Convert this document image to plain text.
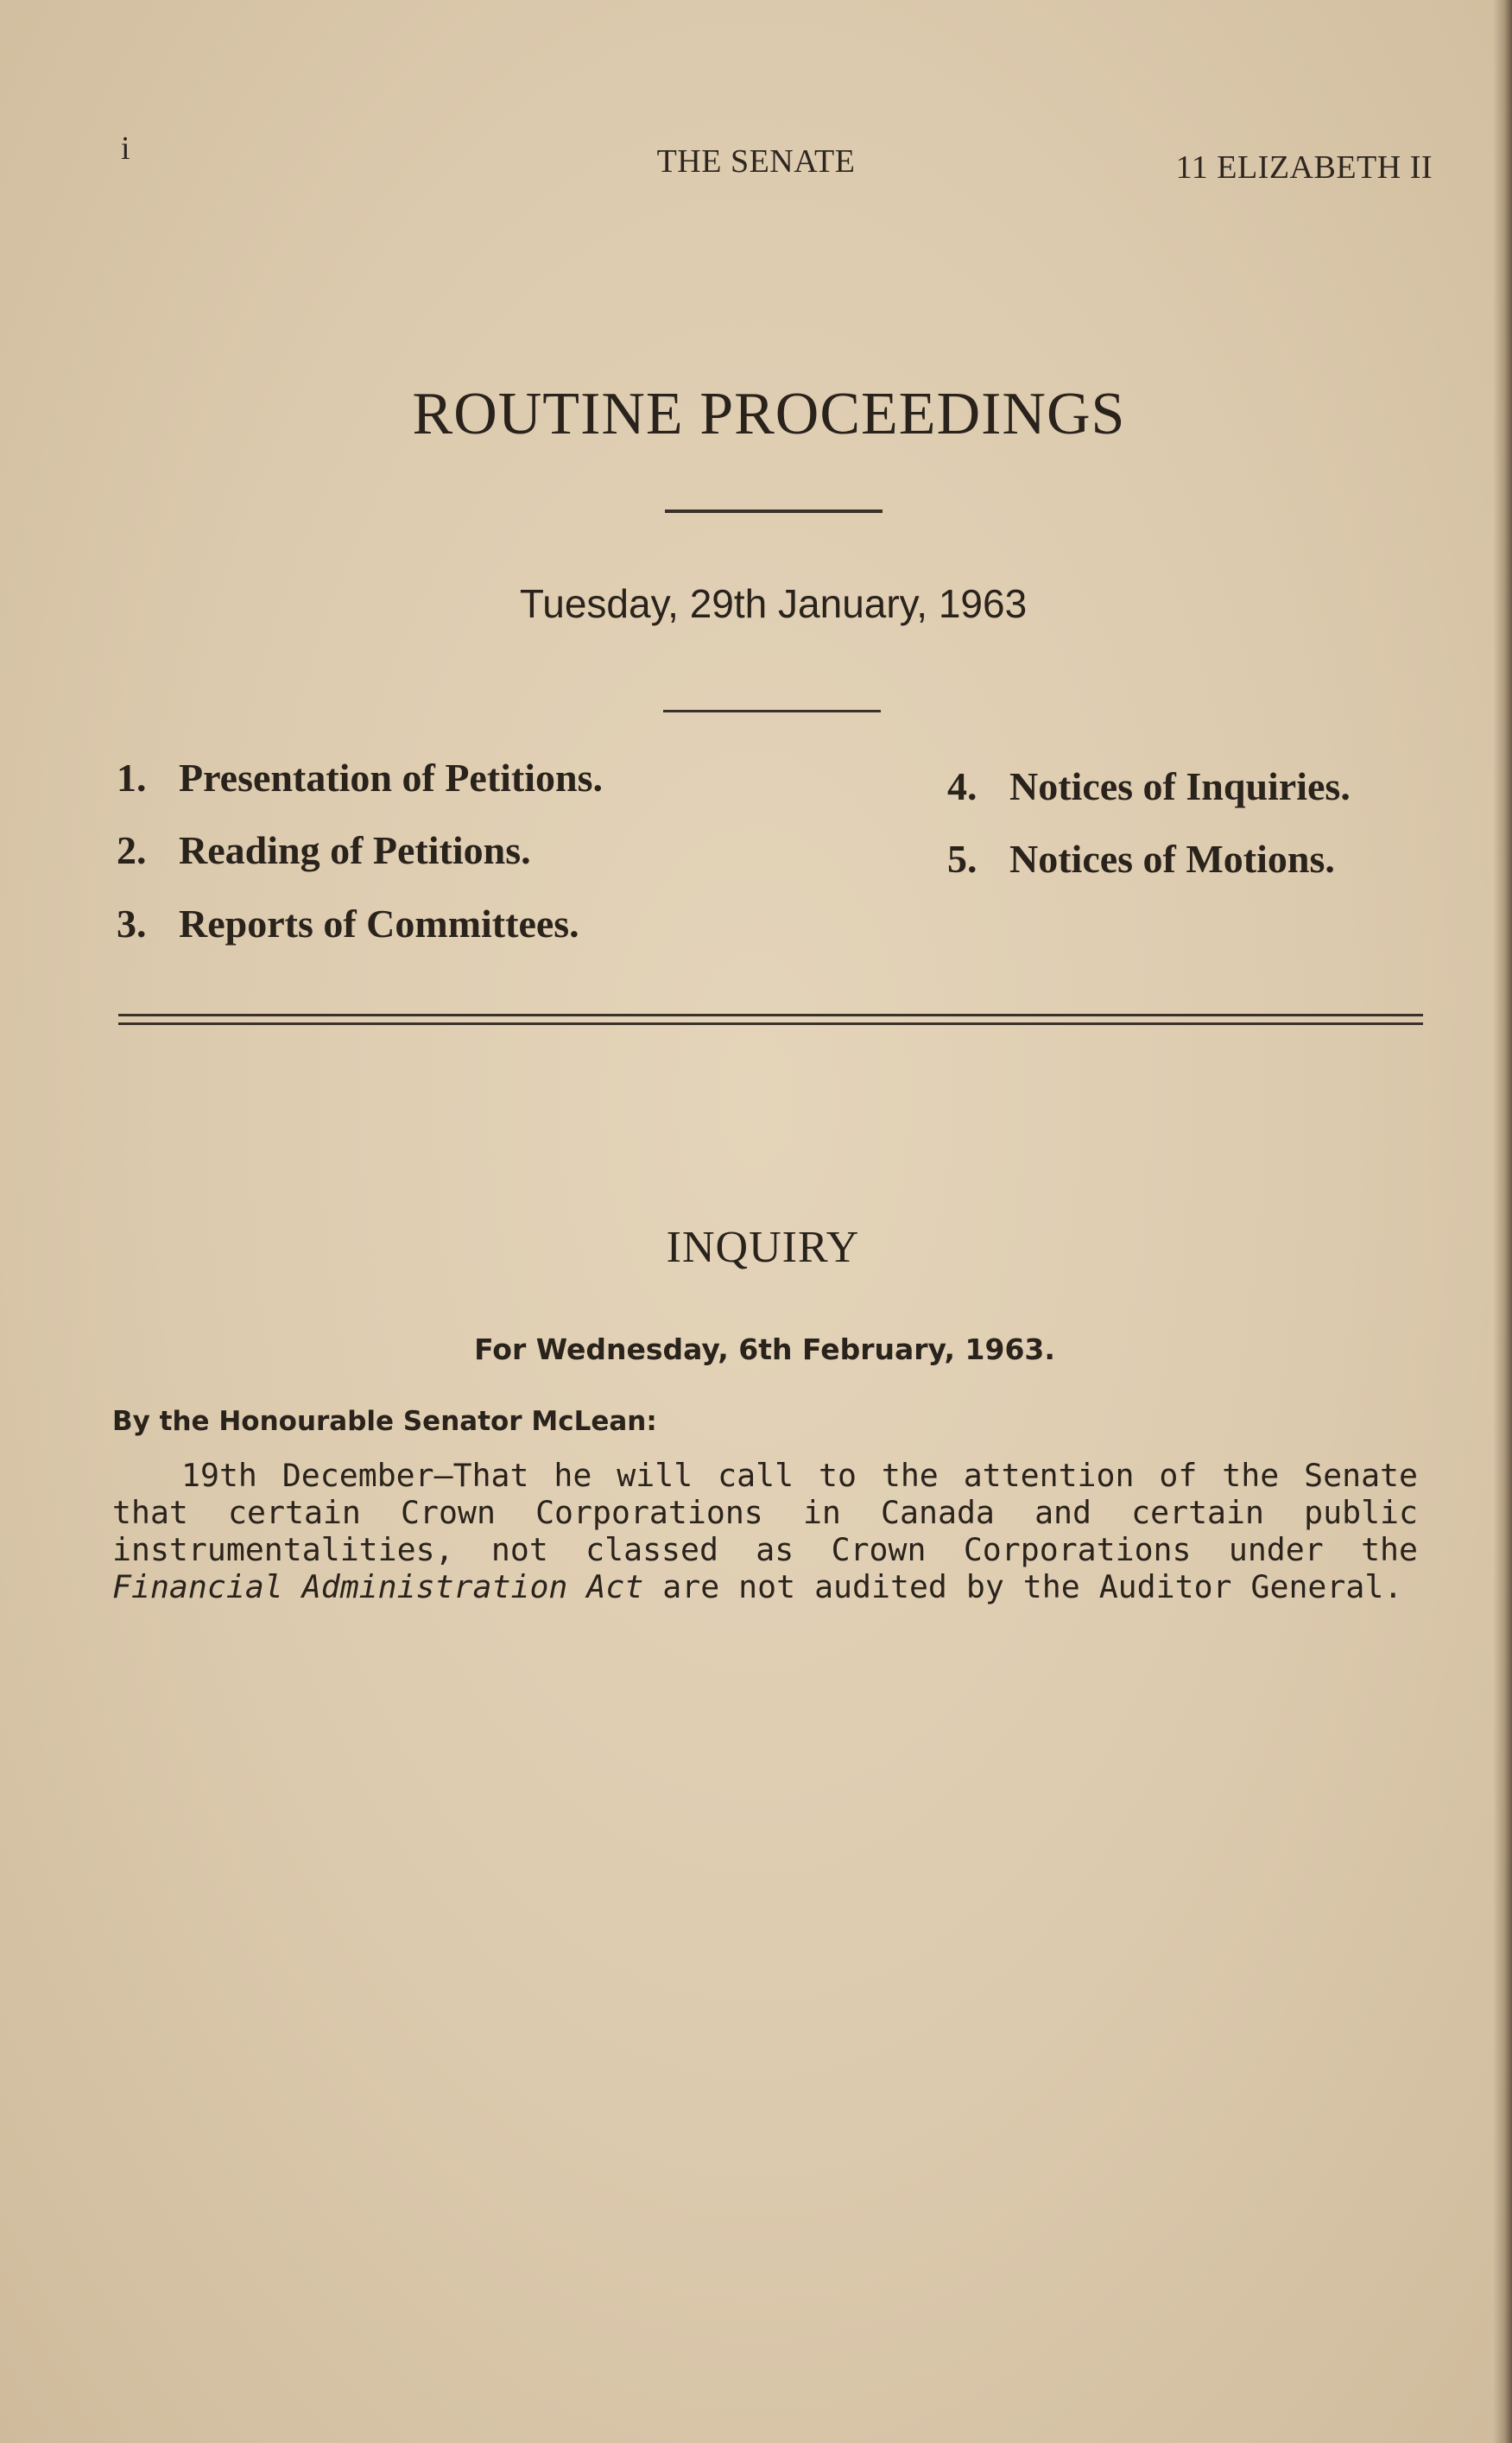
i	THE SENATE	11 ELIZABETH II
ROUTINE PROCEEDINGS
Tuesday, 29th January, 1963
1. Presentation of Petitions.
2. Reading of Petitions.
3. Reports of Committees.
4. Notices of Inquiries.
5. Notices of Motions.
INQUIRY
For Wednesday, 6th February, 1963.
By the Honourable Senator McLean:
19th December—That he will call to the attention of the Senate that certain Crown Corporations in Canada and certain public instrumentalities, not classed as Crown Corporations under the Financial Administration Act are not audited by the Auditor General.
